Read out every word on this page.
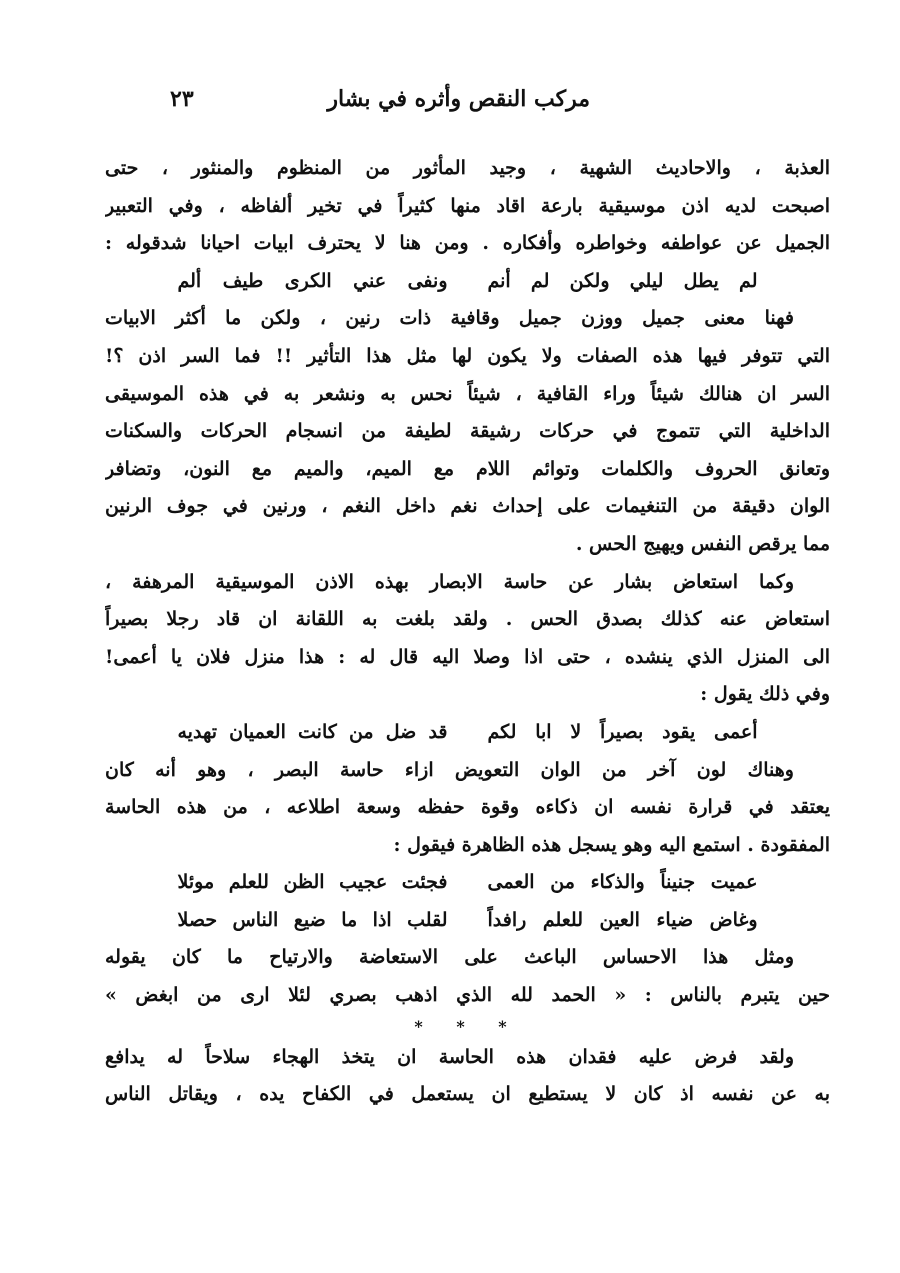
مركب النقص وأثره في بشار
٢٣
العذبة ، والاحاديث الشهية ، وجيد المأثور من المنظوم والمنثور ، حتى
اصبحت لديه اذن موسيقية بارعة اقاد منها كثيراً في تخير ألفاظه ، وفي التعبير
الجميل عن عواطفه وخواطره وأفكاره . ومن هنا لا يحترف ابيات احيانا شدقوله :
لم يطل ليلي ولكن لم أنم
ونفى عني الكرى طيف ألم
فهنا معنى جميل ووزن جميل وقافية ذات رنين ، ولكن ما أكثر الابيات
التي تتوفر فيها هذه الصفات ولا يكون لها مثل هذا التأثير !! فما السر اذن ؟!
السر ان هنالك شيئاً وراء القافية ، شيئاً نحس به ونشعر به في هذه الموسيقى
الداخلية التي تتموج في حركات رشيقة لطيفة من انسجام الحركات والسكنات
وتعانق الحروف والكلمات وتوائم اللام مع الميم، والميم مع النون، وتضافر
الوان دقيقة من التنغيمات على إحداث نغم داخل النغم ، ورنين في جوف الرنين
مما يرقص النفس ويهيج الحس .
وكما استعاض بشار عن حاسة الابصار بهذه الاذن الموسيقية المرهفة ،
استعاض عنه كذلك بصدق الحس . ولقد بلغت به اللقانة ان قاد رجلا بصيراً
الى المنزل الذي ينشده ، حتى اذا وصلا اليه قال له : هذا منزل فلان يا أعمى!
وفي ذلك يقول :
أعمى يقود بصيراً لا ابا لكم
قد ضل من كانت العميان تهديه
وهناك لون آخر من الوان التعويض ازاء حاسة البصر ، وهو أنه كان
يعتقد في قرارة نفسه ان ذكاءه وقوة حفظه وسعة اطلاعه ، من هذه الحاسة
المفقودة . استمع اليه وهو يسجل هذه الظاهرة فيقول :
عميت جنيناً والذكاء من العمى
فجئت عجيب الظن للعلم موئلا
وغاض ضياء العين للعلم رافداً
لقلب اذا ما ضيع الناس حصلا
ومثل هذا الاحساس الباعث على الاستعاضة والارتياح ما كان يقوله
حين يتبرم بالناس : « الحمد لله الذي اذهب بصري لئلا ارى من ابغض »
* * *
ولقد فرض عليه فقدان هذه الحاسة ان يتخذ الهجاء سلاحاً له يدافع
به عن نفسه اذ كان لا يستطيع ان يستعمل في الكفاح يده ، ويقاتل الناس
